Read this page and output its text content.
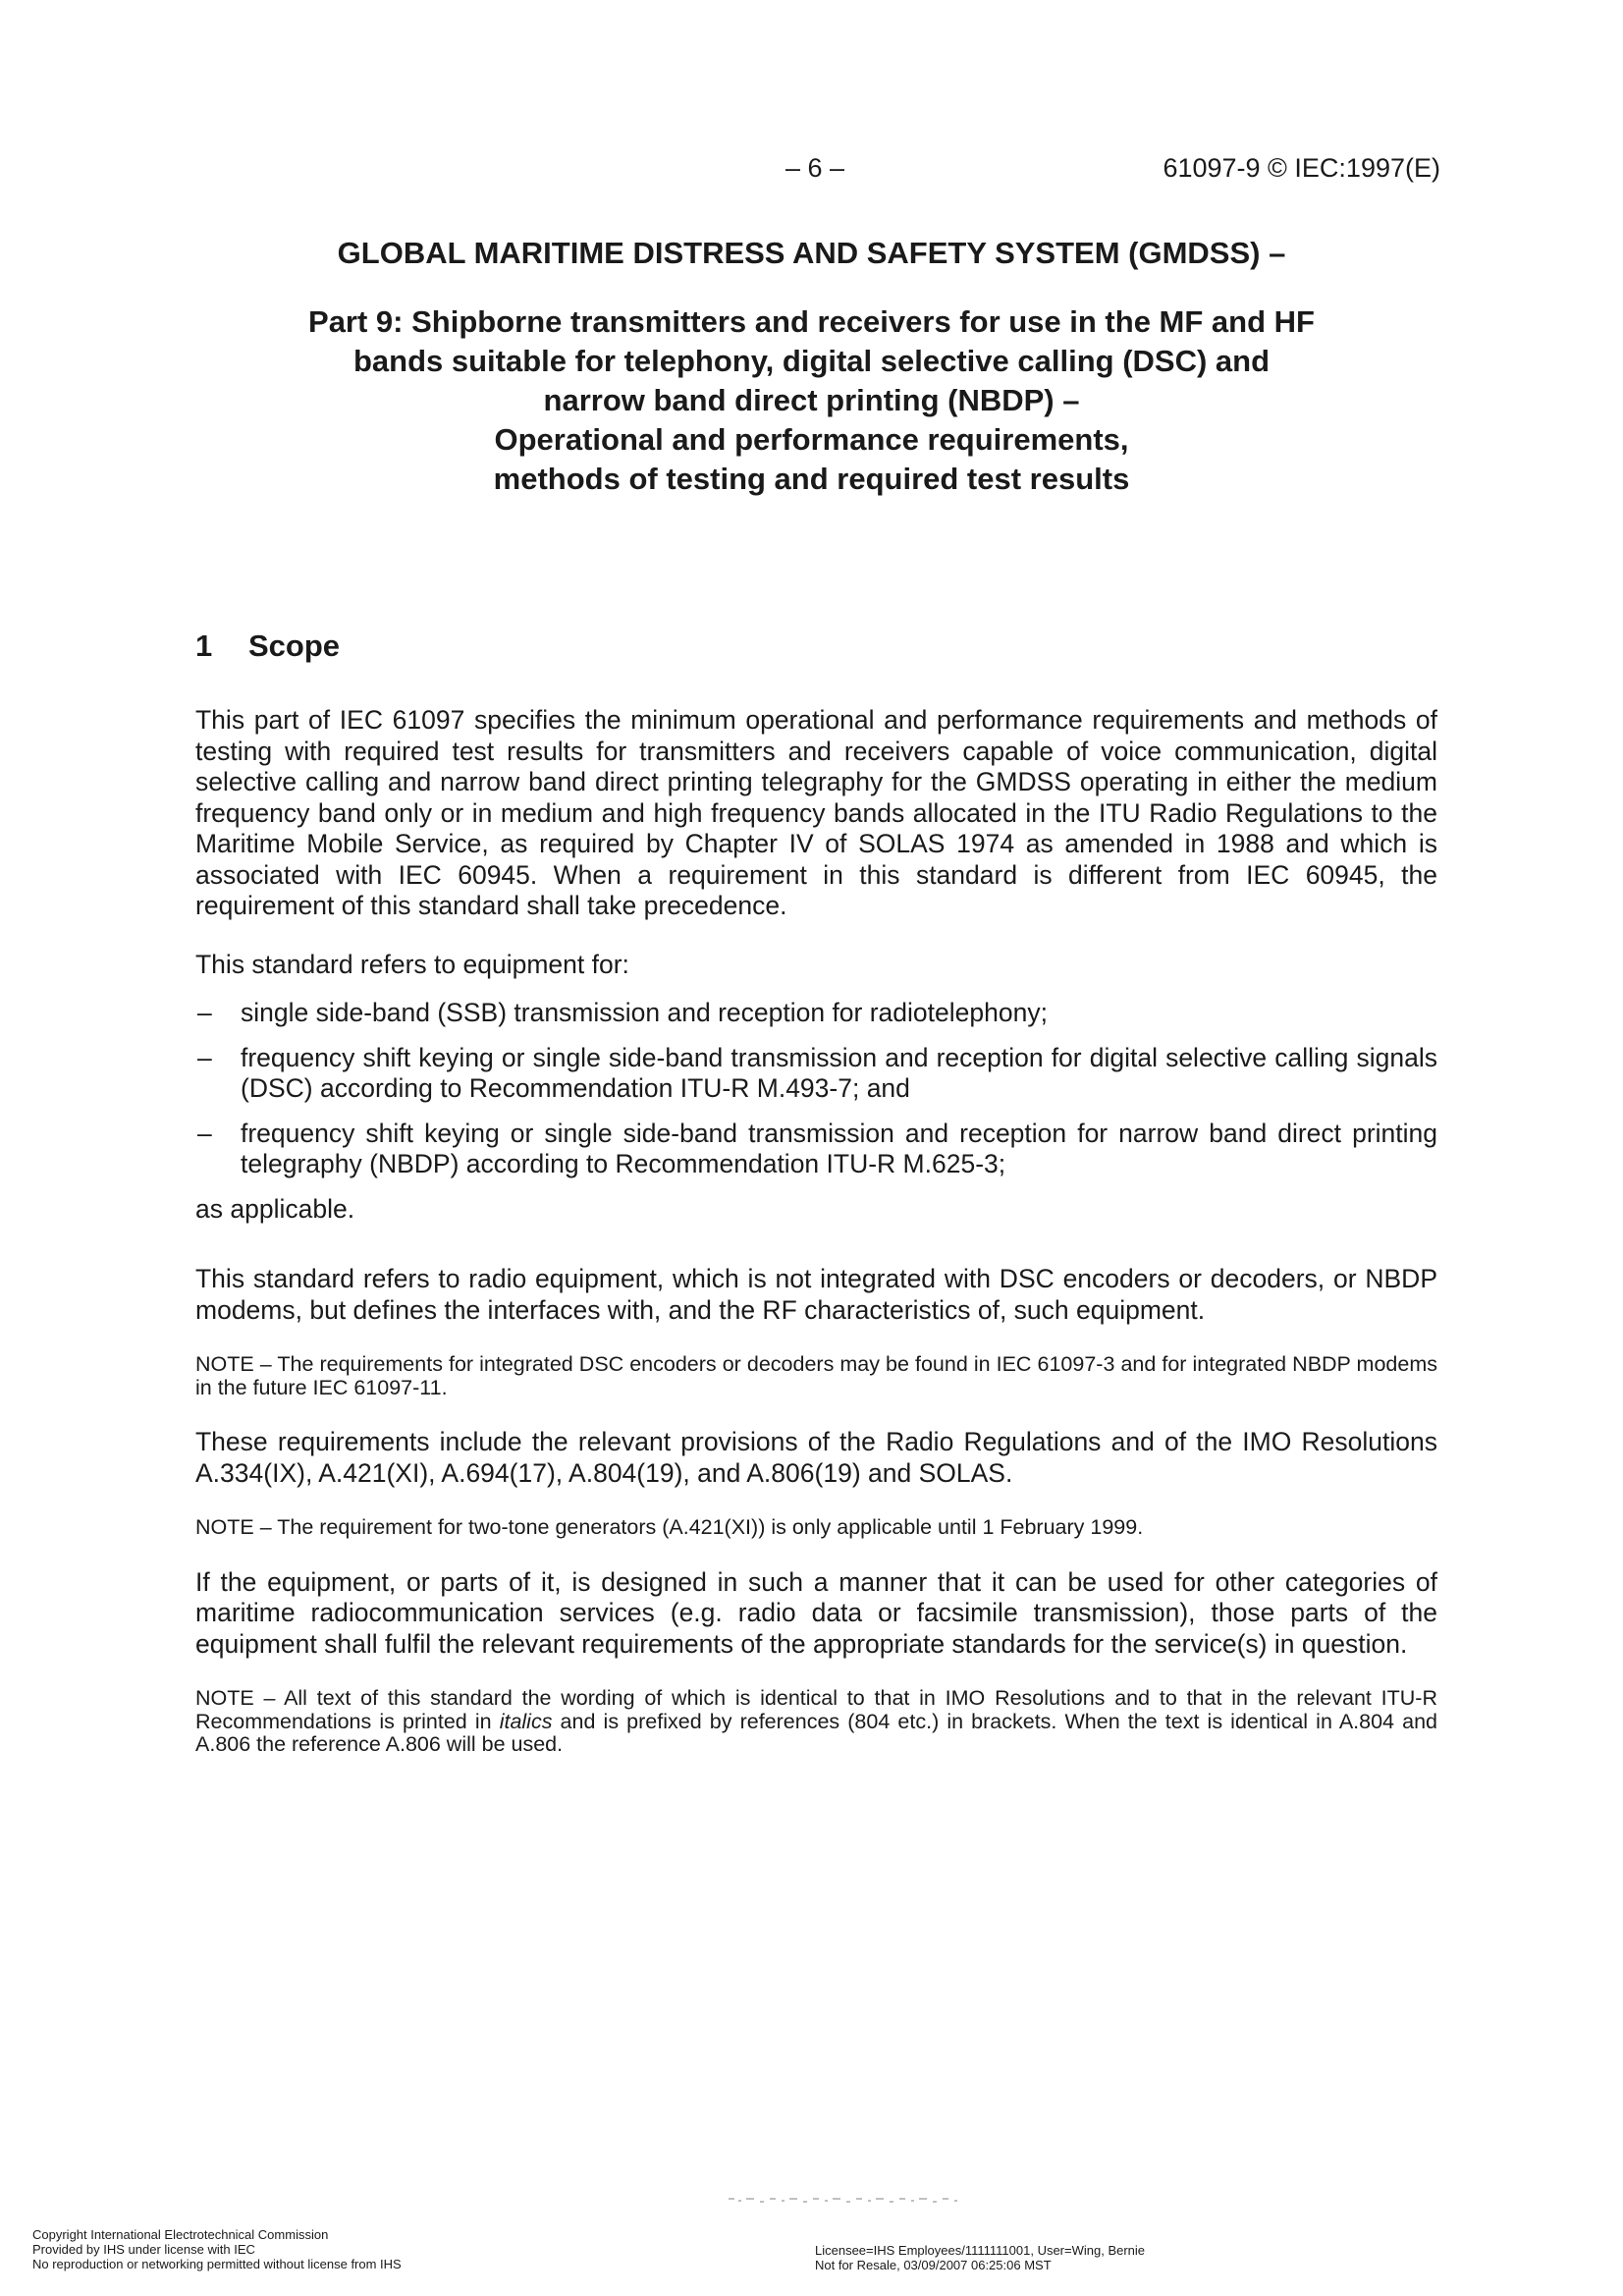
– 6 –	61097-9 © IEC:1997(E)
GLOBAL MARITIME DISTRESS AND SAFETY SYSTEM (GMDSS) –
Part 9: Shipborne transmitters and receivers for use in the MF and HF
bands suitable for telephony, digital selective calling (DSC) and
narrow band direct printing (NBDP) –
Operational and performance requirements,
methods of testing and required test results
1 Scope

This part of IEC 61097 specifies the minimum operational and performance requirements and methods of testing with required test results for transmitters and receivers capable of voice communication, digital selective calling and narrow band direct printing telegraphy for the GMDSS operating in either the medium frequency band only or in medium and high frequency bands allocated in the ITU Radio Regulations to the Maritime Mobile Service, as required by Chapter IV of SOLAS 1974 as amended in 1988 and which is associated with IEC 60945. When a requirement in this standard is different from IEC 60945, the requirement of this standard shall take precedence.

This standard refers to equipment for:

– single side-band (SSB) transmission and reception for radiotelephony;
– frequency shift keying or single side-band transmission and reception for digital selective calling signals (DSC) according to Recommendation ITU-R M.493-7; and
– frequency shift keying or single side-band transmission and reception for narrow band direct printing telegraphy (NBDP) according to Recommendation ITU-R M.625-3;

as applicable.

This standard refers to radio equipment, which is not integrated with DSC encoders or decoders, or NBDP modems, but defines the interfaces with, and the RF characteristics of, such equipment.

NOTE – The requirements for integrated DSC encoders or decoders may be found in IEC 61097-3 and for integrated NBDP modems in the future IEC 61097-11.

These requirements include the relevant provisions of the Radio Regulations and of the IMO Resolutions A.334(IX), A.421(XI), A.694(17), A.804(19), and A.806(19) and SOLAS.

NOTE – The requirement for two-tone generators (A.421(XI)) is only applicable until 1 February 1999.

If the equipment, or parts of it, is designed in such a manner that it can be used for other categories of maritime radiocommunication services (e.g. radio data or facsimile transmission), those parts of the equipment shall fulfil the relevant requirements of the appropriate standards for the service(s) in question.

NOTE – All text of this standard the wording of which is identical to that in IMO Resolutions and to that in the relevant ITU-R Recommendations is printed in italics and is prefixed by references (804 etc.) in brackets. When the text is identical in A.804 and A.806 the reference A.806 will be used.

Copyright International Electrotechnical Commission
Provided by IHS under license with IEC
No reproduction or networking permitted without license from IHS
Licensee=IHS Employees/1111111001, User=Wing, Bernie
Not for Resale, 03/09/2007 06:25:06 MST
